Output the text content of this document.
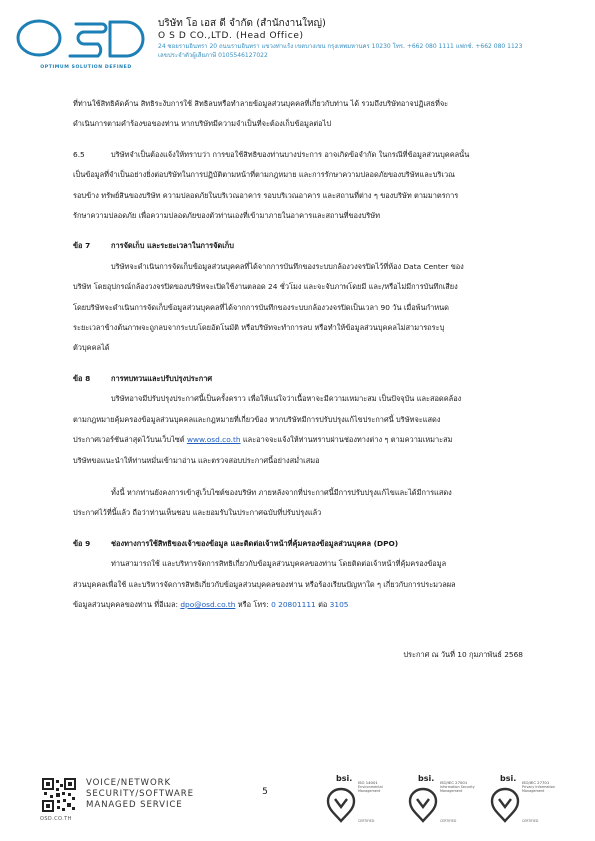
OPTIMUM SOLUTION DEFINED
บริษัท โอ เอส ดี จำกัด (สำนักงานใหญ่)
O S D CO.,LTD. (Head Office)
24 ซอยรามอินทรา 20 ถนนรามอินทรา แขวงท่าแร้ง เขตบางเขน กรุงเทพมหานคร 10230 โทร. +662 080 1111 แฟกซ์. +662 080 1123
เลขประจำตัวผู้เสียภาษี 0105546127022
ที่ท่านใช้สิทธิคัดค้าน สิทธิระงับการใช้ สิทธิลบหรือทำลายข้อมูลส่วนบุคคลที่เกี่ยวกับท่าน ได้ รวมถึงบริษัทอาจปฏิเสธที่จะ
ดำเนินการตามคำร้องขอของท่าน หากบริษัทมีความจำเป็นที่จะต้องเก็บข้อมูลต่อไป
6.5	บริษัทจำเป็นต้องแจ้งให้ทราบว่า การขอใช้สิทธิของท่านบางประการ อาจเกิดข้อจำกัด ในกรณีที่ข้อมูลส่วนบุคคลนั้น
เป็นข้อมูลที่จำเป็นอย่างยิ่งต่อบริษัทในการปฏิบัติตามหน้าที่ตามกฎหมาย และการรักษาความปลอดภัยของบริษัทและบริเวณ
รอบข้าง ทรัพย์สินของบริษัท ความปลอดภัยในบริเวณอาคาร รอบบริเวณอาคาร และสถานที่ต่าง ๆ ของบริษัท ตามมาตรการ
รักษาความปลอดภัย เพื่อความปลอดภัยของตัวท่านเองที่เข้ามาภายในอาคารและสถานที่ของบริษัท
ข้อ 7	การจัดเก็บ และระยะเวลาในการจัดเก็บ
บริษัทจะดำเนินการจัดเก็บข้อมูลส่วนบุคคลที่ได้จากการบันทึกของระบบกล้องวงจรปิดไว้ที่ห้อง Data Center ของ
บริษัท โดยอุปกรณ์กล้องวงจรปิดของบริษัทจะเปิดใช้งานตลอด 24 ชั่วโมง และจะจับภาพโดยมี และ/หรือไม่มีการบันทึกเสียง
โดยบริษัทจะดำเนินการจัดเก็บข้อมูลส่วนบุคคลที่ได้จากการบันทึกของระบบกล้องวงจรปิดเป็นเวลา 90 วัน เมื่อพ้นกำหนด
ระยะเวลาข้างต้นภาพจะถูกลบจากระบบโดยอัตโนมัติ หรือบริษัทจะทำการลบ หรือทำให้ข้อมูลส่วนบุคคลไม่สามารถระบุ
ตัวบุคคลได้
ข้อ 8	การทบทวนและปรับปรุงประกาศ
บริษัทอาจมีปรับปรุงประกาศนี้เป็นครั้งคราว เพื่อให้แน่ใจว่าเนื้อหาจะมีความเหมาะสม เป็นปัจจุบัน และสอดคล้อง
ตามกฎหมายคุ้มครองข้อมูลส่วนบุคคลและกฎหมายที่เกี่ยวข้อง หากบริษัทมีการปรับปรุงแก้ไขประกาศนี้ บริษัทจะแสดง
ประกาศเวอร์ชันล่าสุดไว้บนเว็บไซต์ www.osd.co.th และอาจจะแจ้งให้ท่านทราบผ่านช่องทางต่าง ๆ ตามความเหมาะสม
บริษัทขอแนะนำให้ท่านหมั่นเข้ามาอ่าน และตรวจสอบประกาศนี้อย่างสม่ำเสมอ
ทั้งนี้ หากท่านยังคงการเข้าสู่เว็บไซต์ของบริษัท ภายหลังจากที่ประกาศนี้มีการปรับปรุงแก้ไขและได้มีการแสดง
ประกาศไว้ที่นี้แล้ว ถือว่าท่านเห็นชอบ และยอมรับในประกาศฉบับที่ปรับปรุงแล้ว
ข้อ 9	ช่องทางการใช้สิทธิของเจ้าของข้อมูล และติดต่อเจ้าหน้าที่คุ้มครองข้อมูลส่วนบุคคล (DPO)
ท่านสามารถใช้ และบริหารจัดการสิทธิเกี่ยวกับข้อมูลส่วนบุคคลของท่าน โดยติดต่อเจ้าหน้าที่คุ้มครองข้อมูล
ส่วนบุคคลเพื่อใช้ และบริหารจัดการสิทธิเกี่ยวกับข้อมูลส่วนบุคคลของท่าน หรือร้องเรียนปัญหาใด ๆ เกี่ยวกับการประมวลผล
ข้อมูลส่วนบุคคลของท่าน ที่อีเมล: dpo@osd.co.th หรือ โทร: 0 20801111 ต่อ 3105
ประกาศ ณ วันที่ 10 กุมภาพันธ์ 2568
OSD.CO.TH
VOICE/NETWORK
SECURITY/SOFTWARE
MANAGED SERVICE
5
bsi. ISO 14001
Environmental Management
CERTIFIED
bsi. ISO/IEC 27001
Information Security Management
CERTIFIED
bsi. ISO/IEC 27701
Privacy Information Management
CERTIFIED
